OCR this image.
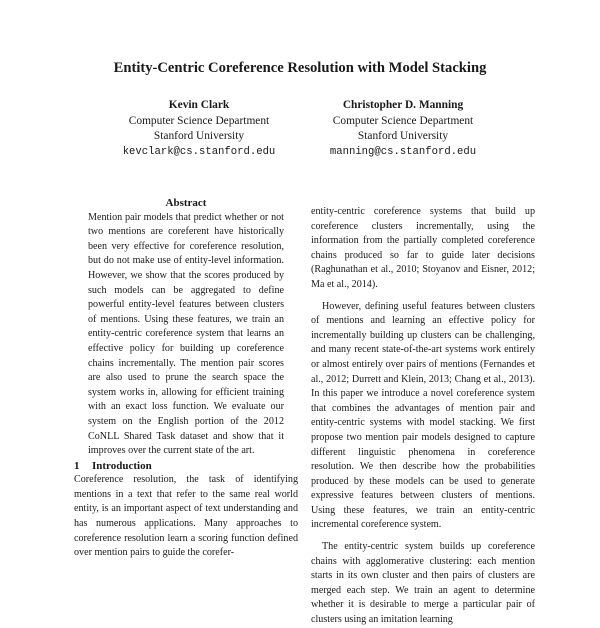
Entity-Centric Coreference Resolution with Model Stacking
Kevin Clark
Computer Science Department
Stanford University
kevclark@cs.stanford.edu
Christopher D. Manning
Computer Science Department
Stanford University
manning@cs.stanford.edu

Abstract

Mention pair models that predict whether or not two mentions are coreferent have historically been very effective for coreference resolution, but do not make use of entity-level information. However, we show that the scores produced by such models can be aggregated to define powerful entity-level features between clusters of mentions. Using these features, we train an entity-centric coreference system that learns an effective policy for building up coreference chains incrementally. The mention pair scores are also used to prune the search space the system works in, allowing for efficient training with an exact loss function. We evaluate our system on the English portion of the 2012 CoNLL Shared Task dataset and show that it improves over the current state of the art.

1 Introduction

Coreference resolution, the task of identifying mentions in a text that refer to the same real world entity, is an important aspect of text understanding and has numerous applications. Many approaches to coreference resolution learn a scoring function defined over mention pairs to guide the corefer-

entity-centric coreference systems that build up coreference clusters incrementally, using the information from the partially completed coreference chains produced so far to guide later decisions (Raghunathan et al., 2010; Stoyanov and Eisner, 2012; Ma et al., 2014).

However, defining useful features between clusters of mentions and learning an effective policy for incrementally building up clusters can be challenging, and many recent state-of-the-art systems work entirely or almost entirely over pairs of mentions (Fernandes et al., 2012; Durrett and Klein, 2013; Chang et al., 2013). In this paper we introduce a novel coreference system that combines the advantages of mention pair and entity-centric systems with model stacking. We first propose two mention pair models designed to capture different linguistic phenomena in coreference resolution. We then describe how the probabilities produced by these models can be used to generate expressive features between clusters of mentions. Using these features, we train an entity-centric incremental coreference system.

The entity-centric system builds up coreference chains with agglomerative clustering: each mention starts in its own cluster and then pairs of clusters are merged each step. We train an agent to determine whether it is desirable to merge a particular pair of clusters using an imitation learning
